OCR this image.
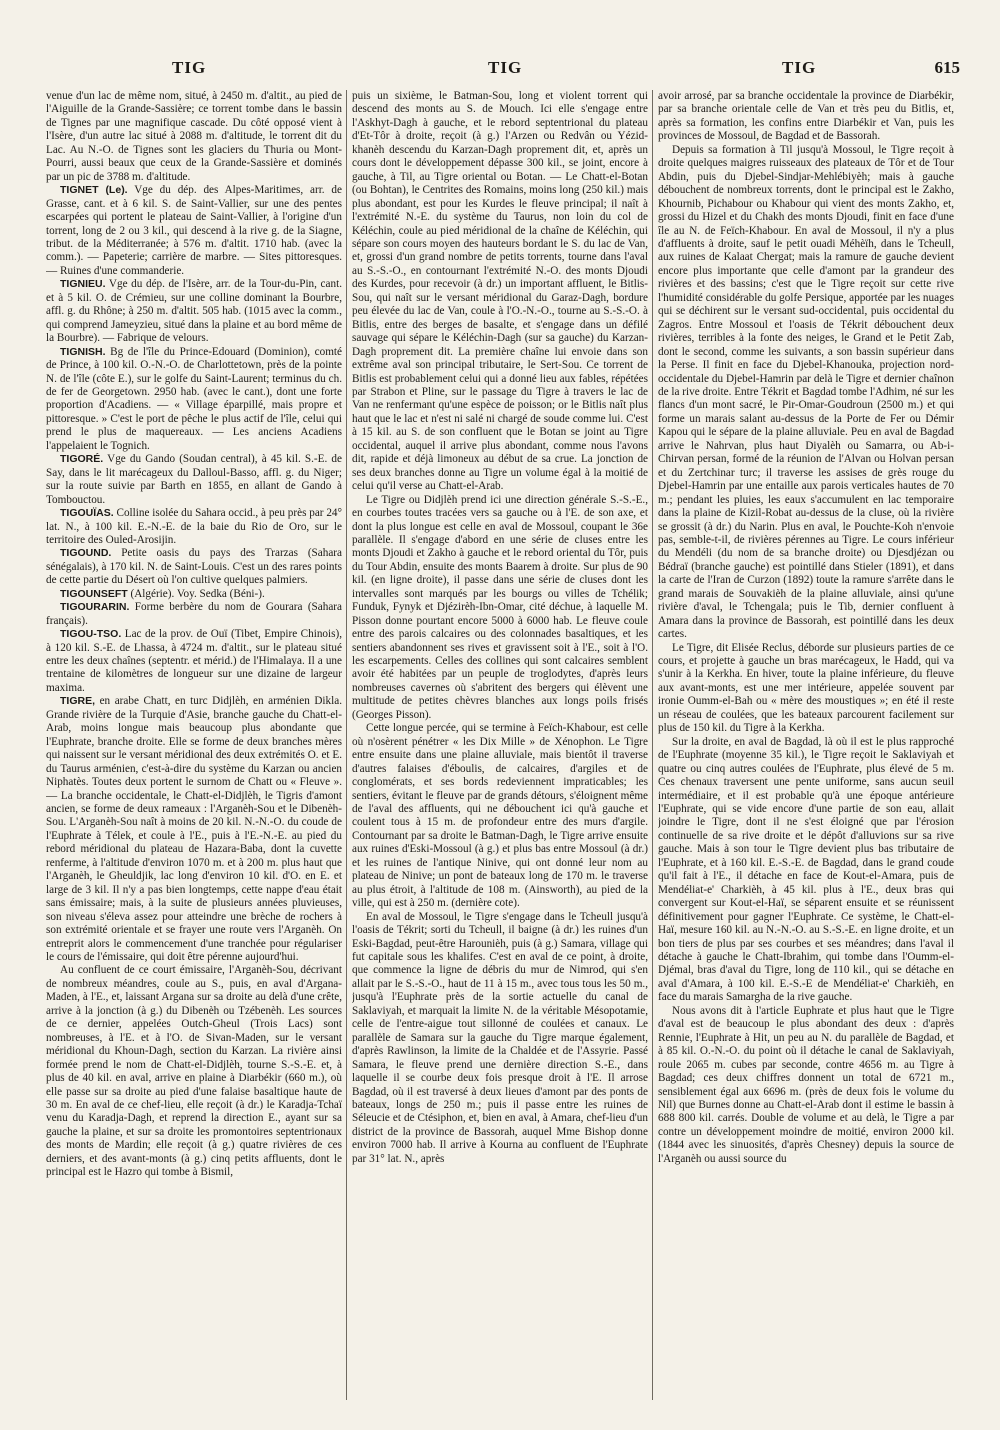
TIG	TIG	TIG	615

venue d'un lac de même nom, situé, à 2450 m. d'altit., au pied de l'Aiguille de la Grande-Sassière; ce torrent tombe dans le bassin de Tignes par une magnifique cascade. Du côté opposé vient à l'Isère, d'un autre lac situé à 2088 m. d'altitude, le torrent dit du Lac. Au N.-O. de Tignes sont les glaciers du Thuria ou Mont-Pourri, aussi beaux que ceux de la Grande-Sassière et dominés par un pic de 3788 m. d'altitude.

TIGNET (Le). Vge du dép. des Alpes-Maritimes, arr. de Grasse, cant. et à 6 kil. S. de Saint-Vallier, sur une des pentes escarpées qui portent le plateau de Saint-Vallier, à l'origine d'un torrent, long de 2 ou 3 kil., qui descend à la rive g. de la Siagne, tribut. de la Méditerranée; à 576 m. d'altit. 1710 hab. (avec la comm.). — Papeterie; carrière de marbre. — Sites pittoresques. — Ruines d'une commanderie.

TIGNIEU. Vge du dép. de l'Isère, arr. de la Tour-du-Pin, cant. et à 5 kil. O. de Crémieu, sur une colline dominant la Bourbre, affl. g. du Rhône; à 250 m. d'altit. 505 hab. (1015 avec la comm., qui comprend Jameyzieu, situé dans la plaine et au bord même de la Bourbre). — Fabrique de velours.

TIGNISH. Bg de l'île du Prince-Edouard (Dominion), comté de Prince, à 100 kil. O.-N.-O. de Charlottetown, près de la pointe N. de l'île (côte E.), sur le golfe du Saint-Laurent; terminus du ch. de fer de Georgetown. 2950 hab. (avec le cant.), dont une forte proportion d'Acadiens. — « Village éparpillé, mais propre et pittoresque. » C'est le port de pêche le plus actif de l'île, celui qui prend le plus de maquereaux. — Les anciens Acadiens l'appelaient le Tognich.

TIGORÉ. Vge du Gando (Soudan central), à 45 kil. S.-E. de Say, dans le lit marécageux du Dalloul-Basso, affl. g. du Niger; sur la route suivie par Barth en 1855, en allant de Gando à Tombouctou.

TIGOUÏAS. Colline isolée du Sahara occid., à peu près par 24° lat. N., à 100 kil. E.-N.-E. de la baie du Rio de Oro, sur le territoire des Ouled-Arosijin.

TIGOUND. Petite oasis du pays des Trarzas (Sahara sénégalais), à 170 kil. N. de Saint-Louis. C'est un des rares points de cette partie du Désert où l'on cultive quelques palmiers.

TIGOUNSEFT (Algérie). Voy. Sedka (Béni-).

TIGOURARIN. Forme berbère du nom de Gourara (Sahara français).

TIGOU-TSO. Lac de la prov. de Ouï (Tibet, Empire Chinois), à 120 kil. S.-E. de Lhassa, à 4724 m. d'altit., sur le plateau situé entre les deux chaînes (septentr. et mérid.) de l'Himalaya. Il a une trentaine de kilomètres de longueur sur une dizaine de largeur maxima.

TIGRE, en arabe Chatt, en turc Didjlèh, en arménien Dikla. Grande rivière de la Turquie d'Asie, branche gauche du Chatt-el-Arab, moins longue mais beaucoup plus abondante que l'Euphrate, branche droite. Elle se forme de deux branches mères qui naissent sur le versant méridional des deux extrémités O. et E. du Taurus arménien, c'est-à-dire du système du Karzan ou ancien Niphatès. Toutes deux portent le surnom de Chatt ou « Fleuve ». — La branche occidentale, le Chatt-el-Didjlèh, le Tigris d'amont ancien, se forme de deux rameaux : l'Arganèh-Sou et le Dibenèh-Sou. L'Arganèh-Sou naît à moins de 20 kil. N.-N.-O. du coude de l'Euphrate à Télek, et coule à l'E., puis à l'E.-N.-E. au pied du rebord méridional du plateau de Hazara-Baba, dont la cuvette renferme, à l'altitude d'environ 1070 m. et à 200 m. plus haut que l'Arganèh, le Gheuldjik, lac long d'environ 10 kil. d'O. en E. et large de 3 kil. Il n'y a pas bien longtemps, cette nappe d'eau était sans émissaire; mais, à la suite de plusieurs années pluvieuses, son niveau s'éleva assez pour atteindre une brèche de rochers à son extrémité orientale et se frayer une route vers l'Arganèh. On entreprit alors le commencement d'une tranchée pour régulariser le cours de l'émissaire, qui doit être pérenne aujourd'hui.

Au confluent de ce court émissaire, l'Arganèh-Sou, décrivant de nombreux méandres, coule au S., puis, en aval d'Argana-Maden, à l'E., et, laissant Argana sur sa droite au delà d'une crête, arrive à la jonction (à g.) du Dibenèh ou Tzébenèh. Les sources de ce dernier, appelées Outch-Gheul (Trois Lacs) sont nombreuses, à l'E. et à l'O. de Sivan-Maden, sur le versant méridional du Khoun-Dagh, section du Karzan. La rivière ainsi formée prend le nom de Chatt-el-Didjlèh, tourne S.-S.-E. et, à plus de 40 kil. en aval, arrive en plaine à Diarbékir (660 m.), où elle passe sur sa droite au pied d'une falaise basaltique haute de 30 m. En aval de ce chef-lieu, elle reçoit (à dr.) le Karadja-Tchaï venu du Karadja-Dagh, et reprend la direction E., ayant sur sa gauche la plaine, et sur sa droite les promontoires septentrionaux des monts de Mardin; elle reçoit (à g.) quatre rivières de ces derniers, et des avant-monts (à g.) cinq petits affluents, dont le principal est le Hazro qui tombe à Bismil,

puis un sixième, le Batman-Sou, long et violent torrent qui descend des monts au S. de Mouch. Ici elle s'engage entre l'Askhyt-Dagh à gauche, et le rebord septentrional du plateau d'Et-Tôr à droite, reçoit (à g.) l'Arzen ou Redvân ou Yézid-khanèh descendu du Karzan-Dagh proprement dit, et, après un cours dont le développement dépasse 300 kil., se joint, encore à gauche, à Til, au Tigre oriental ou Botan. — Le Chatt-el-Botan (ou Bohtan), le Centrites des Romains, moins long (250 kil.) mais plus abondant, est pour les Kurdes le fleuve principal; il naît à l'extrémité N.-E. du système du Taurus, non loin du col de Kéléchin, coule au pied méridional de la chaîne de Kéléchin, qui sépare son cours moyen des hauteurs bordant le S. du lac de Van, et, grossi d'un grand nombre de petits torrents, tourne dans l'aval au S.-S.-O., en contournant l'extrémité N.-O. des monts Djoudi des Kurdes, pour recevoir (à dr.) un important affluent, le Bitlis-Sou, qui naît sur le versant méridional du Garaz-Dagh, bordure peu élevée du lac de Van, coule à l'O.-N.-O., tourne au S.-S.-O. à Bitlis, entre des berges de basalte, et s'engage dans un défilé sauvage qui sépare le Kéléchin-Dagh (sur sa gauche) du Karzan-Dagh proprement dit. La première chaîne lui envoie dans son extrême aval son principal tributaire, le Sert-Sou. Ce torrent de Bitlis est probablement celui qui a donné lieu aux fables, répétées par Strabon et Pline, sur le passage du Tigre à travers le lac de Van ne renfermant qu'une espèce de poisson; or le Bitlis naît plus haut que le lac et n'est ni salé ni chargé de soude comme lui. C'est à 15 kil. au S. de son confluent que le Botan se joint au Tigre occidental, auquel il arrive plus abondant, comme nous l'avons dit, rapide et déjà limoneux au début de sa crue. La jonction de ses deux branches donne au Tigre un volume égal à la moitié de celui qu'il verse au Chatt-el-Arab.

Le Tigre ou Didjlèh prend ici une direction générale S.-S.-E., en courbes toutes tracées vers sa gauche ou à l'E. de son axe, et dont la plus longue est celle en aval de Mossoul, coupant le 36e parallèle. Il s'engage d'abord en une série de cluses entre les monts Djoudi et Zakho à gauche et le rebord oriental du Tôr, puis du Tour Abdin, ensuite des monts Baarem à droite. Sur plus de 90 kil. (en ligne droite), il passe dans une série de cluses dont les intervalles sont marqués par les bourgs ou villes de Tchélik; Funduk, Fynyk et Djézirèh-Ibn-Omar, cité déchue, à laquelle M. Pisson donne pourtant encore 5000 à 6000 hab. Le fleuve coule entre des parois calcaires ou des colonnades basaltiques, et les sentiers abandonnent ses rives et gravissent soit à l'E., soit à l'O. les escarpements. Celles des collines qui sont calcaires semblent avoir été habitées par un peuple de troglodytes, d'après leurs nombreuses cavernes où s'abritent des bergers qui élèvent une multitude de petites chèvres blanches aux longs poils frisés (Georges Pisson).

Cette longue percée, qui se termine à Feïch-Khabour, est celle où n'osèrent pénétrer « les Dix Mille » de Xénophon. Le Tigre entre ensuite dans une plaine alluviale, mais bientôt il traverse d'autres falaises d'éboulis, de calcaires, d'argiles et de conglomérats, et ses bords redeviennent impraticables; les sentiers, évitant le fleuve par de grands détours, s'éloignent même de l'aval des affluents, qui ne débouchent ici qu'à gauche et coulent tous à 15 m. de profondeur entre des murs d'argile. Contournant par sa droite le Batman-Dagh, le Tigre arrive ensuite aux ruines d'Eski-Mossoul (à g.) et plus bas entre Mossoul (à dr.) et les ruines de l'antique Ninive, qui ont donné leur nom au plateau de Ninive; un pont de bateaux long de 170 m. le traverse au plus étroit, à l'altitude de 108 m. (Ainsworth), au pied de la ville, qui est à 250 m. (dernière cote).

En aval de Mossoul, le Tigre s'engage dans le Tcheull jusqu'à l'oasis de Tékrit; sorti du Tcheull, il baigne (à dr.) les ruines d'un Eski-Bagdad, peut-être Harounièh, puis (à g.) Samara, village qui fut capitale sous les khalifes. C'est en aval de ce point, à droite, que commence la ligne de débris du mur de Nimrod, qui s'en allait par le S.-S.-O., haut de 11 à 15 m., avec tous tous les 50 m., jusqu'à l'Euphrate près de la sortie actuelle du canal de Saklaviyah, et marquait la limite N. de la véritable Mésopotamie, celle de l'entre-aigue tout sillonné de coulées et canaux. Le parallèle de Samara sur la gauche du Tigre marque également, d'après Rawlinson, la limite de la Chaldée et de l'Assyrie. Passé Samara, le fleuve prend une dernière direction S.-E., dans laquelle il se courbe deux fois presque droit à l'E. Il arrose Bagdad, où il est traversé à deux lieues d'amont par des ponts de bateaux, longs de 250 m.; puis il passe entre les ruines de Séleucie et de Ctésiphon, et, bien en aval, à Amara, chef-lieu d'un district de la province de Bassorah, auquel Mme Bishop donne environ 7000 hab. Il arrive à Kourna au confluent de l'Euphrate par 31° lat. N., après

avoir arrosé, par sa branche occidentale la province de Diarbékir, par sa branche orientale celle de Van et très peu du Bitlis, et, après sa formation, les confins entre Diarbékir et Van, puis les provinces de Mossoul, de Bagdad et de Bassorah.

Depuis sa formation à Til jusqu'à Mossoul, le Tigre reçoit à droite quelques maigres ruisseaux des plateaux de Tôr et de Tour Abdin, puis du Djebel-Sindjar-Mehlébiyèh; mais à gauche débouchent de nombreux torrents, dont le principal est le Zakho, Khournib, Pichabour ou Khabour qui vient des monts Zakho, et, grossi du Hizel et du Chakh des monts Djoudi, finit en face d'une île au N. de Feïch-Khabour. En aval de Mossoul, il n'y a plus d'affluents à droite, sauf le petit ouadi Méhèïh, dans le Tcheull, aux ruines de Kalaat Chergat; mais la ramure de gauche devient encore plus importante que celle d'amont par la grandeur des rivières et des bassins; c'est que le Tigre reçoit sur cette rive l'humidité considérable du golfe Persique, apportée par les nuages qui se déchirent sur le versant sud-occidental, puis occidental du Zagros. Entre Mossoul et l'oasis de Tékrit débouchent deux rivières, terribles à la fonte des neiges, le Grand et le Petit Zab, dont le second, comme les suivants, a son bassin supérieur dans la Perse. Il finit en face du Djebel-Khanouka, projection nord-occidentale du Djebel-Hamrin par delà le Tigre et dernier chaînon de la rive droite. Entre Tékrit et Bagdad tombe l'Adhim, né sur les flancs d'un mont sacré, le Pir-Omar-Goudroun (2500 m.) et qui forme un marais salant au-dessus de la Porte de Fer ou Démir Kapou qui le sépare de la plaine alluviale. Peu en aval de Bagdad arrive le Nahrvan, plus haut Diyalèh ou Samarra, ou Ab-i-Chirvan persan, formé de la réunion de l'Alvan ou Holvan persan et du Zertchinar turc; il traverse les assises de grès rouge du Djebel-Hamrin par une entaille aux parois verticales hautes de 70 m.; pendant les pluies, les eaux s'accumulent en lac temporaire dans la plaine de Kizil-Robat au-dessus de la cluse, où la rivière se grossit (à dr.) du Narin. Plus en aval, le Pouchte-Koh n'envoie pas, semble-t-il, de rivières pérennes au Tigre. Le cours inférieur du Mendéli (du nom de sa branche droite) ou Djesdjézan ou Bédraï (branche gauche) est pointillé dans Stieler (1891), et dans la carte de l'Iran de Curzon (1892) toute la ramure s'arrête dans le grand marais de Souvakièh de la plaine alluviale, ainsi qu'une rivière d'aval, le Tchengala; puis le Tib, dernier confluent à Amara dans la province de Bassorah, est pointillé dans les deux cartes.

Le Tigre, dit Elisée Reclus, déborde sur plusieurs parties de ce cours, et projette à gauche un bras marécageux, le Hadd, qui va s'unir à la Kerkha. En hiver, toute la plaine inférieure, du fleuve aux avant-monts, est une mer intérieure, appelée souvent par ironie Oumm-el-Bah ou « mère des moustiques »; en été il reste un réseau de coulées, que les bateaux parcourent facilement sur plus de 150 kil. du Tigre à la Kerkha.

Sur la droite, en aval de Bagdad, là où il est le plus rapproché de l'Euphrate (moyenne 35 kil.), le Tigre reçoit le Saklaviyah et quatre ou cinq autres coulées de l'Euphrate, plus élevé de 5 m. Ces chenaux traversent une pente uniforme, sans aucun seuil intermédiaire, et il est probable qu'à une époque antérieure l'Euphrate, qui se vide encore d'une partie de son eau, allait joindre le Tigre, dont il ne s'est éloigné que par l'érosion continuelle de sa rive droite et le dépôt d'alluvions sur sa rive gauche. Mais à son tour le Tigre devient plus bas tributaire de l'Euphrate, et à 160 kil. E.-S.-E. de Bagdad, dans le grand coude qu'il fait à l'E., il détache en face de Kout-el-Amara, puis de Mendéliat-e' Charkièh, à 45 kil. plus à l'E., deux bras qui convergent sur Kout-el-Haï, se séparent ensuite et se réunissent définitivement pour gagner l'Euphrate. Ce système, le Chatt-el-Haï, mesure 160 kil. au N.-N.-O. au S.-S.-E. en ligne droite, et un bon tiers de plus par ses courbes et ses méandres; dans l'aval il détache à gauche le Chatt-Ibrahim, qui tombe dans l'Oumm-el-Djémal, bras d'aval du Tigre, long de 110 kil., qui se détache en aval d'Amara, à 100 kil. E.-S.-E de Mendéliat-e' Charkièh, en face du marais Samargha de la rive gauche.

Nous avons dit à l'article Euphrate et plus haut que le Tigre d'aval est de beaucoup le plus abondant des deux : d'après Rennie, l'Euphrate à Hit, un peu au N. du parallèle de Bagdad, et à 85 kil. O.-N.-O. du point où il détache le canal de Saklaviyah, roule 2065 m. cubes par seconde, contre 4656 m. au Tigre à Bagdad; ces deux chiffres donnent un total de 6721 m., sensiblement égal aux 6696 m. (près de deux fois le volume du Nil) que Burnes donne au Chatt-el-Arab dont il estime le bassin à 688 800 kil. carrés. Double de volume et au delà, le Tigre a par contre un développement moindre de moitié, environ 2000 kil. (1844 avec les sinuosités, d'après Chesney) depuis la source de l'Arganèh ou aussi source du
